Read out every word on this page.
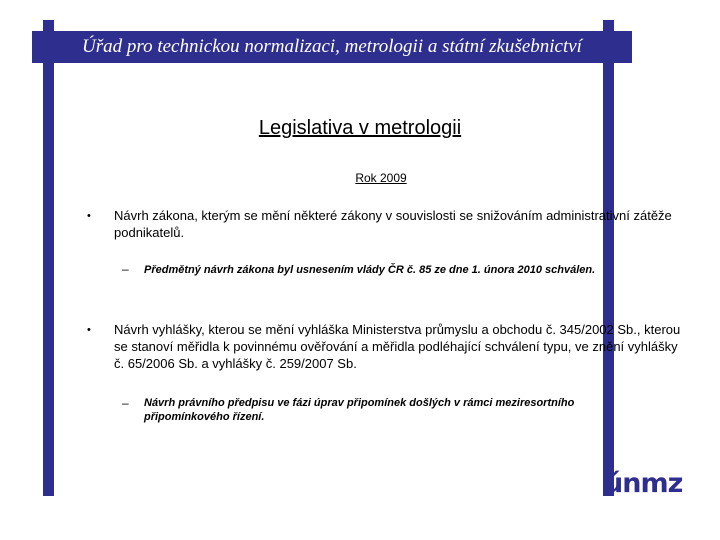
Úřad pro technickou normalizaci, metrologii a státní zkušebnictví
Legislativa v metrologii
Rok 2009
• Návrh zákona, kterým se mění některé zákony v souvislosti se snižováním administrativní zátěže podnikatelů.
– Předmětný návrh zákona byl usnesením vlády ČR č. 85 ze dne 1. února 2010 schválen.
• Návrh vyhlášky, kterou se mění vyhláška Ministerstva průmyslu a obchodu č. 345/2002 Sb., kterou se stanoví měřidla k povinnému ověřování a měřidla podléhající schválení typu, ve znění vyhlášky č. 65/2006 Sb. a vyhlášky č. 259/2007 Sb.
– Návrh právního předpisu ve fázi úprav připomínek došlých v rámci meziresortního připomínkového řízení.
únmz
